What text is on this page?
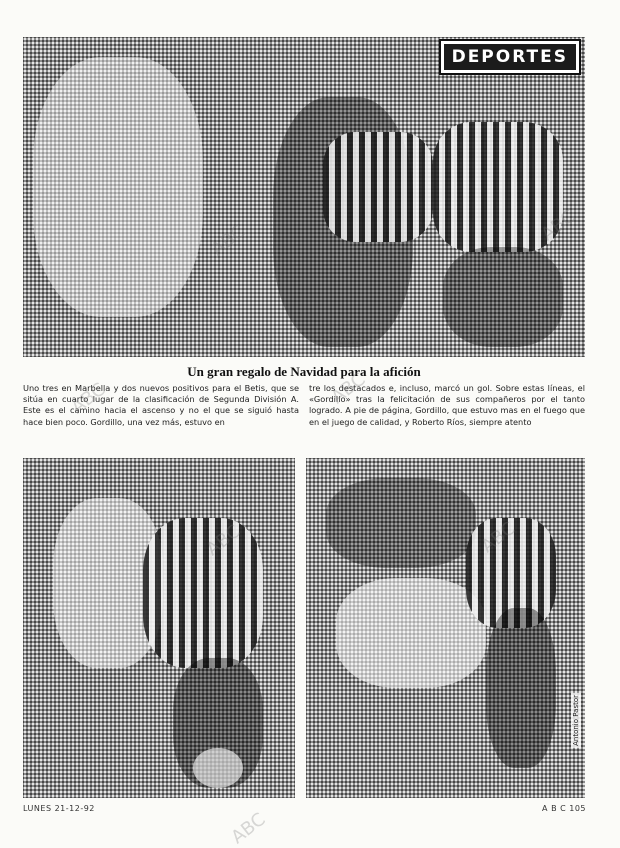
DEPORTES
Un gran regalo de Navidad para la afición

Uno tres en Marbella y dos nuevos positivos para el Betis, que se sitúa en cuarto lugar de la clasificación de Segunda División A. Este es el camino hacia el ascenso y no el que se siguió hasta hace bien poco. Gordillo, una vez más, estuvo en

tre los destacados e, incluso, marcó un gol. Sobre estas líneas, el «Gordillo» tras la felicitación de sus compañeros por el tanto logrado. A pie de página, Gordillo, que estuvo mas en el fuego que en el juego de calidad, y Roberto Ríos, siempre atento

Antonio Pastor
LUNES 21-12-92	A B C 105
ABC	ABC
ABC	ABC
ABC	ABC
ABC
